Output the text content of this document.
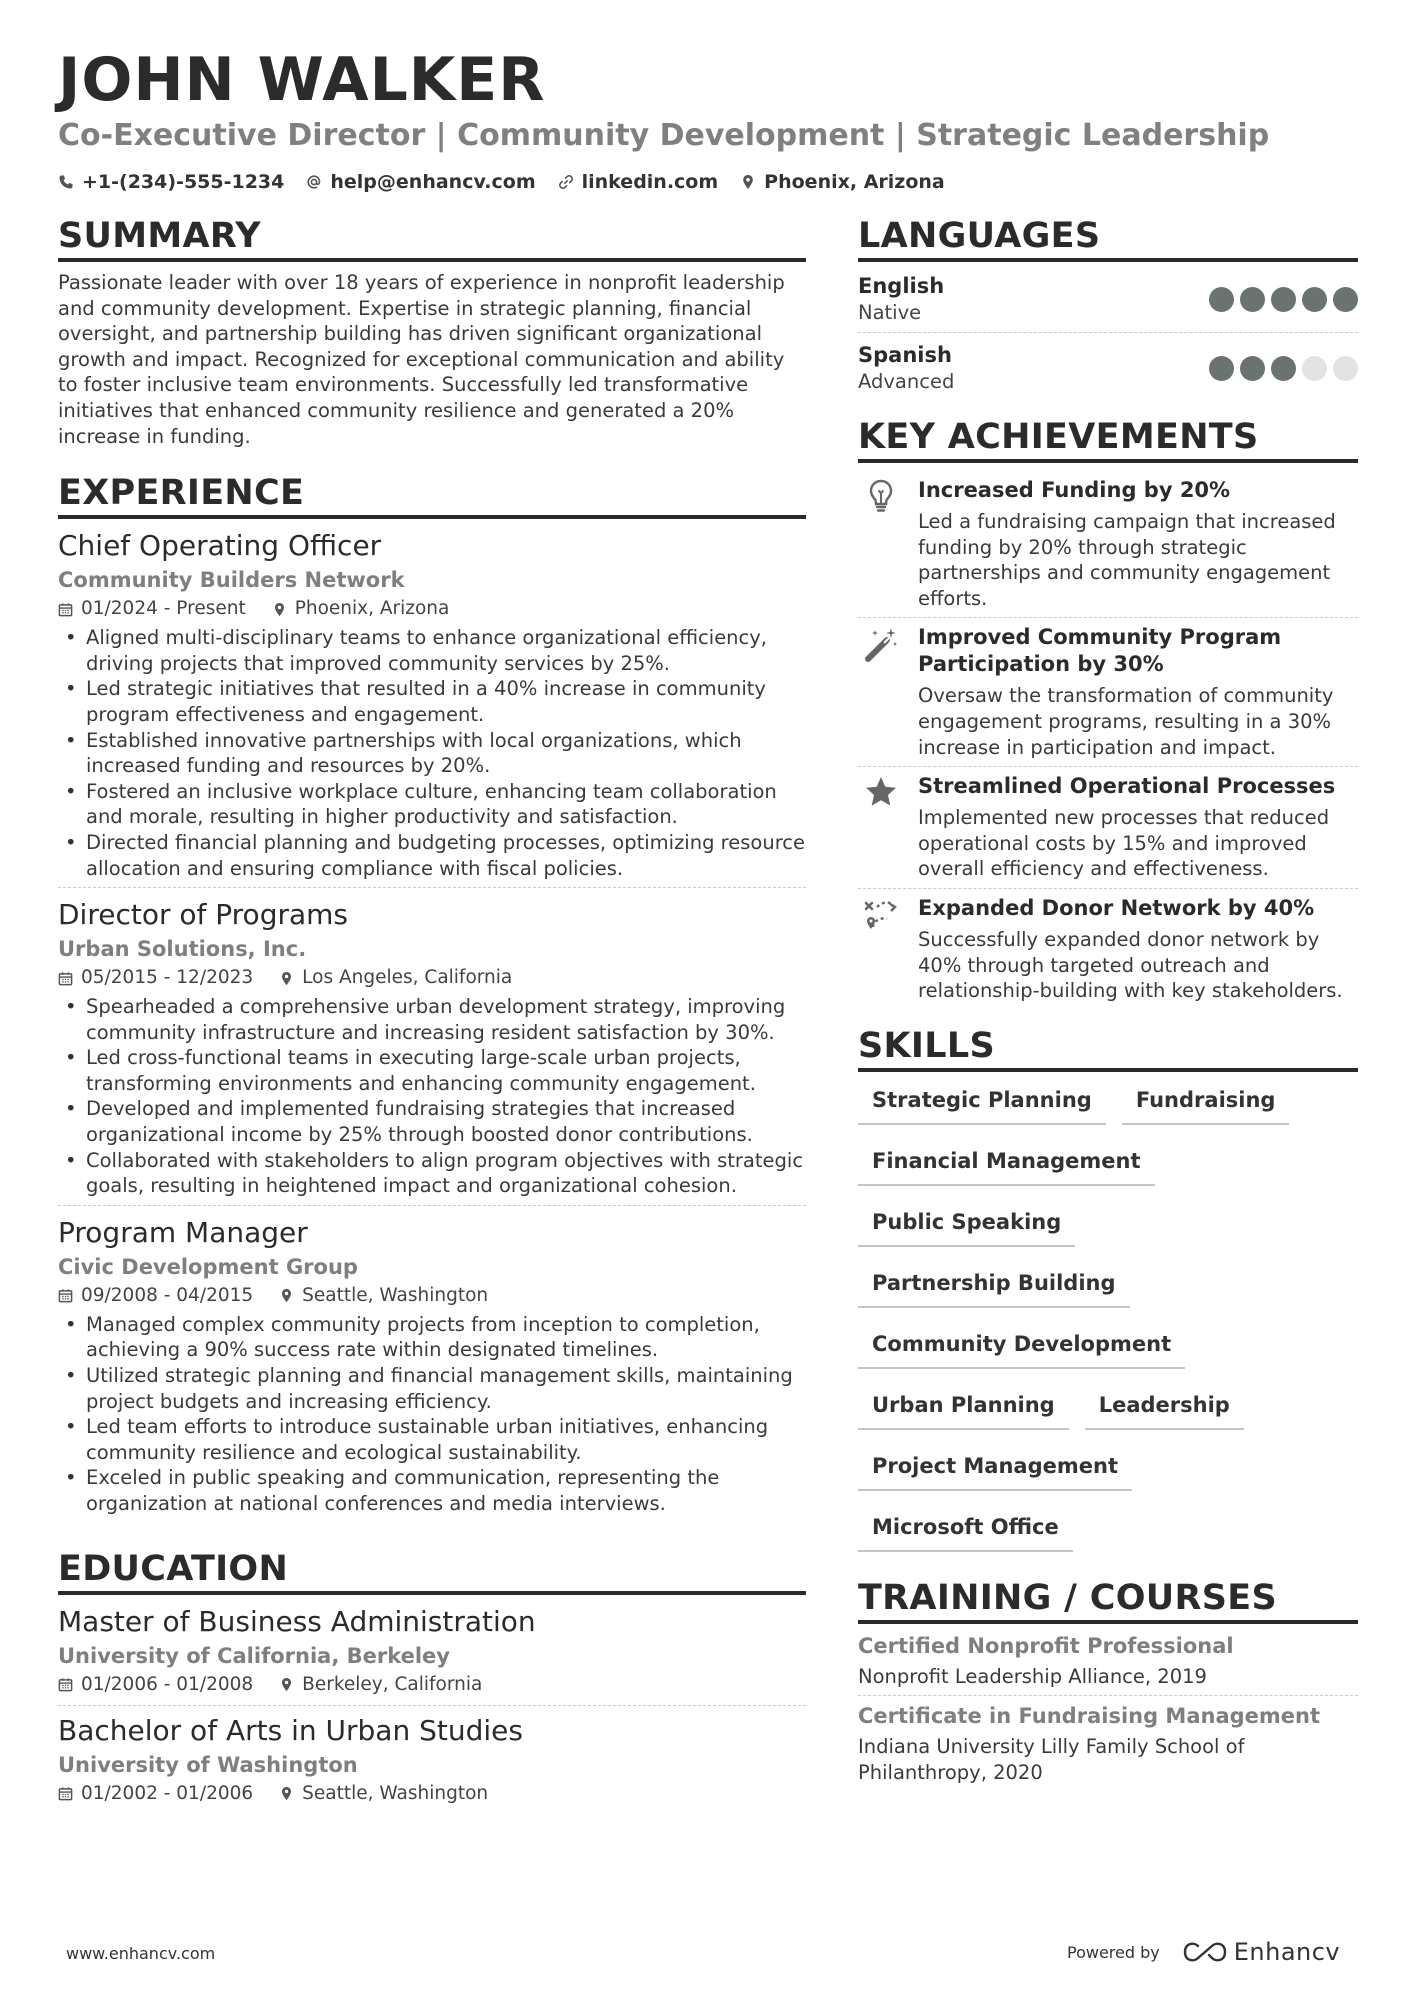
JOHN WALKER
Co-Executive Director | Community Development | Strategic Leadership
+1-(234)-555-1234 help@enhancv.com linkedin.com Phoenix, Arizona
SUMMARY
Passionate leader with over 18 years of experience in nonprofit leadership and community development. Expertise in strategic planning, financial oversight, and partnership building has driven significant organizational growth and impact. Recognized for exceptional communication and ability to foster inclusive team environments. Successfully led transformative initiatives that enhanced community resilience and generated a 20% increase in funding.
EXPERIENCE
Chief Operating Officer
Community Builders Network
01/2024 - Present	Phoenix, Arizona
• Aligned multi-disciplinary teams to enhance organizational efficiency, driving projects that improved community services by 25%.
• Led strategic initiatives that resulted in a 40% increase in community program effectiveness and engagement.
• Established innovative partnerships with local organizations, which increased funding and resources by 20%.
• Fostered an inclusive workplace culture, enhancing team collaboration and morale, resulting in higher productivity and satisfaction.
• Directed financial planning and budgeting processes, optimizing resource allocation and ensuring compliance with fiscal policies.
Director of Programs
Urban Solutions, Inc.
05/2015 - 12/2023	Los Angeles, California
• Spearheaded a comprehensive urban development strategy, improving community infrastructure and increasing resident satisfaction by 30%.
• Led cross-functional teams in executing large-scale urban projects, transforming environments and enhancing community engagement.
• Developed and implemented fundraising strategies that increased organizational income by 25% through boosted donor contributions.
• Collaborated with stakeholders to align program objectives with strategic goals, resulting in heightened impact and organizational cohesion.
Program Manager
Civic Development Group
09/2008 - 04/2015	Seattle, Washington
• Managed complex community projects from inception to completion, achieving a 90% success rate within designated timelines.
• Utilized strategic planning and financial management skills, maintaining project budgets and increasing efficiency.
• Led team efforts to introduce sustainable urban initiatives, enhancing community resilience and ecological sustainability.
• Exceled in public speaking and communication, representing the organization at national conferences and media interviews.
EDUCATION
Master of Business Administration
University of California, Berkeley
01/2006 - 01/2008	Berkeley, California
Bachelor of Arts in Urban Studies
University of Washington
01/2002 - 01/2006	Seattle, Washington
LANGUAGES
English
Native
Spanish
Advanced
KEY ACHIEVEMENTS
Increased Funding by 20%
Led a fundraising campaign that increased funding by 20% through strategic partnerships and community engagement efforts.
Improved Community Program Participation by 30%
Oversaw the transformation of community engagement programs, resulting in a 30% increase in participation and impact.
Streamlined Operational Processes
Implemented new processes that reduced operational costs by 15% and improved overall efficiency and effectiveness.
Expanded Donor Network by 40%
Successfully expanded donor network by 40% through targeted outreach and relationship-building with key stakeholders.
SKILLS
Strategic Planning	Fundraising
Financial Management
Public Speaking
Partnership Building
Community Development
Urban Planning	Leadership
Project Management
Microsoft Office
TRAINING / COURSES
Certified Nonprofit Professional
Nonprofit Leadership Alliance, 2019
Certificate in Fundraising Management
Indiana University Lilly Family School of Philanthropy, 2020
www.enhancv.com	Powered by	Enhancv
